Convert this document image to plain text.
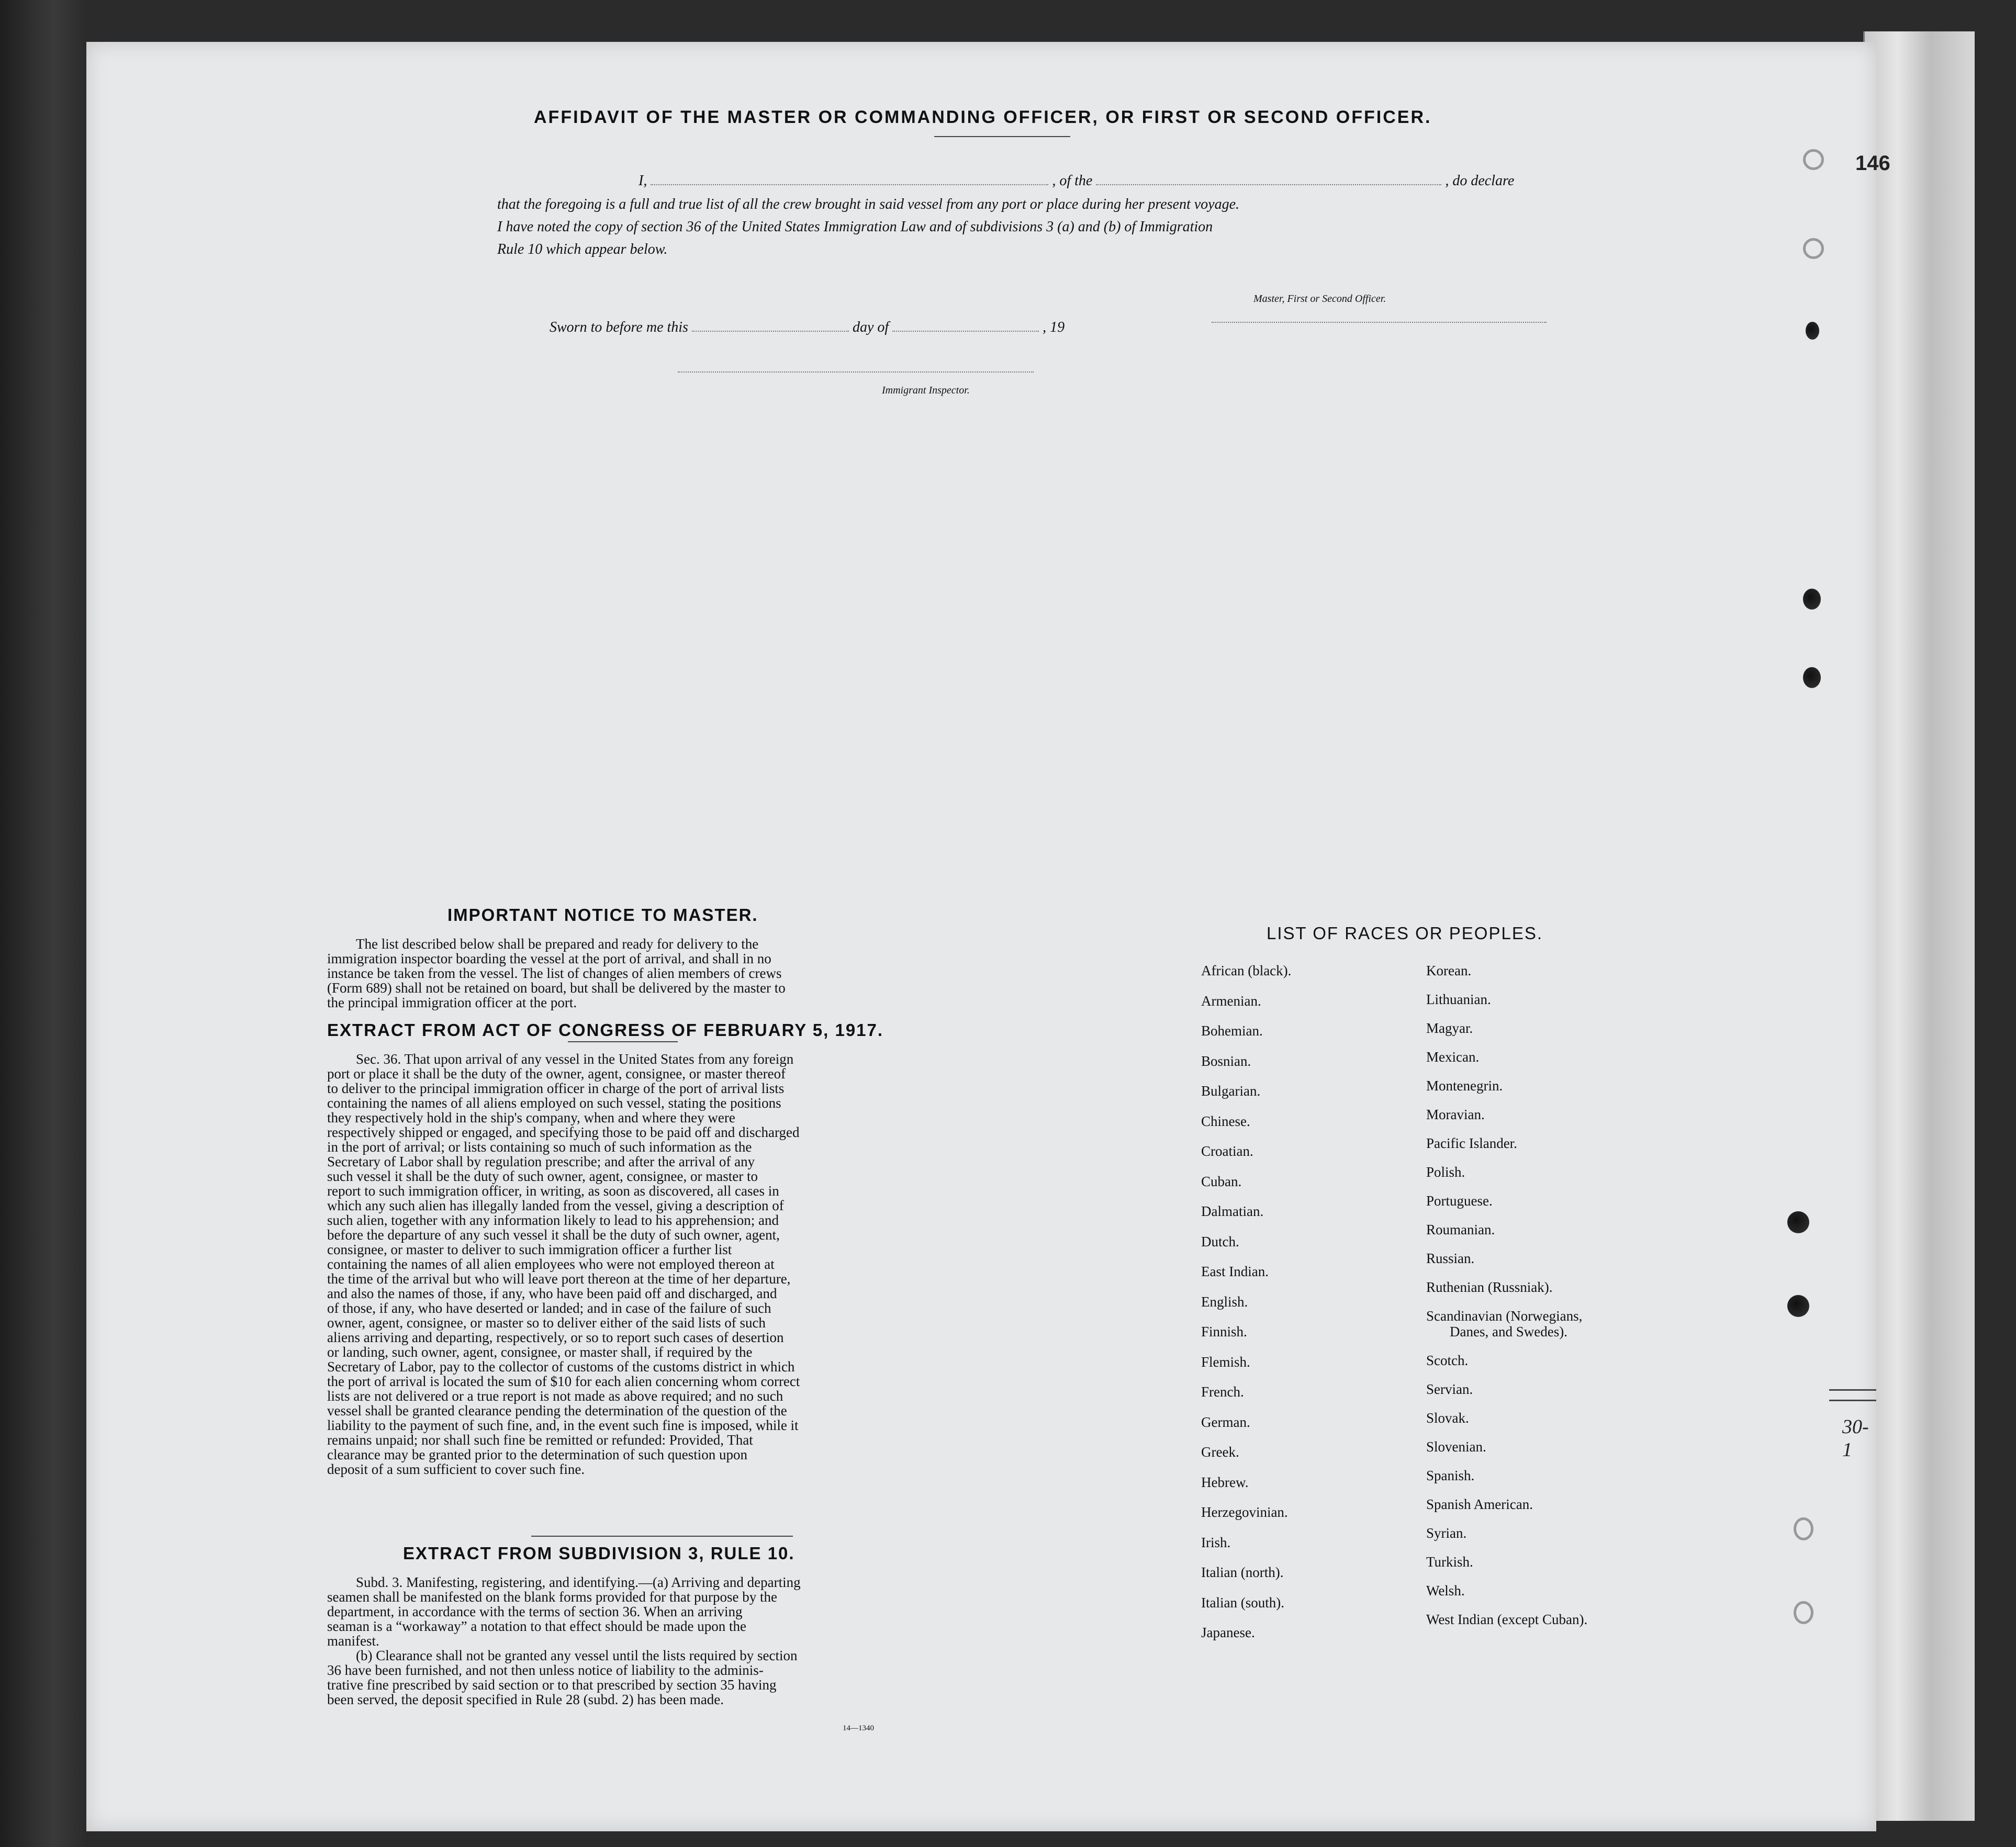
AFFIDAVIT OF THE MASTER OR COMMANDING OFFICER, OR FIRST OR SECOND OFFICER.
I,	, of the	, do declare
that the foregoing is a full and true list of all the crew brought in said vessel from any port or place during her present voyage.
I have noted the copy of section 36 of the United States Immigration Law and of subdivisions 3 (a) and (b) of Immigration
Rule 10 which appear below.
Master, First or Second Officer.
Sworn to before me this	day of	, 19
Immigrant Inspector.
IMPORTANT NOTICE TO MASTER.
The list described below shall be prepared and ready for delivery to the
immigration inspector boarding the vessel at the port of arrival, and shall in no
instance be taken from the vessel. The list of changes of alien members of crews
(Form 689) shall not be retained on board, but shall be delivered by the master to
the principal immigration officer at the port.
EXTRACT FROM ACT OF CONGRESS OF FEBRUARY 5, 1917.
Sec. 36. That upon arrival of any vessel in the United States from any foreign
port or place it shall be the duty of the owner, agent, consignee, or master thereof
to deliver to the principal immigration officer in charge of the port of arrival lists
containing the names of all aliens employed on such vessel, stating the positions
they respectively hold in the ship's company, when and where they were
respectively shipped or engaged, and specifying those to be paid off and discharged
in the port of arrival; or lists containing so much of such information as the
Secretary of Labor shall by regulation prescribe; and after the arrival of any
such vessel it shall be the duty of such owner, agent, consignee, or master to
report to such immigration officer, in writing, as soon as discovered, all cases in
which any such alien has illegally landed from the vessel, giving a description of
such alien, together with any information likely to lead to his apprehension; and
before the departure of any such vessel it shall be the duty of such owner, agent,
consignee, or master to deliver to such immigration officer a further list
containing the names of all alien employees who were not employed thereon at
the time of the arrival but who will leave port thereon at the time of her departure,
and also the names of those, if any, who have been paid off and discharged, and
of those, if any, who have deserted or landed; and in case of the failure of such
owner, agent, consignee, or master so to deliver either of the said lists of such
aliens arriving and departing, respectively, or so to report such cases of desertion
or landing, such owner, agent, consignee, or master shall, if required by the
Secretary of Labor, pay to the collector of customs of the customs district in which
the port of arrival is located the sum of $10 for each alien concerning whom correct
lists are not delivered or a true report is not made as above required; and no such
vessel shall be granted clearance pending the determination of the question of the
liability to the payment of such fine, and, in the event such fine is imposed, while it
remains unpaid; nor shall such fine be remitted or refunded: Provided, That
clearance may be granted prior to the determination of such question upon
deposit of a sum sufficient to cover such fine.
EXTRACT FROM SUBDIVISION 3, RULE 10.
Subd. 3. Manifesting, registering, and identifying.—(a) Arriving and departing
seamen shall be manifested on the blank forms provided for that purpose by the
department, in accordance with the terms of section 36. When an arriving
seaman is a “workaway” a notation to that effect should be made upon the
manifest.
(b) Clearance shall not be granted any vessel until the lists required by section
36 have been furnished, and not then unless notice of liability to the adminis-
trative fine prescribed by said section or to that prescribed by section 35 having
been served, the deposit specified in Rule 28 (subd. 2) has been made.
14—1340
LIST OF RACES OR PEOPLES.
African (black).
Armenian.
Bohemian.
Bosnian.
Bulgarian.
Chinese.
Croatian.
Cuban.
Dalmatian.
Dutch.
East Indian.
English.
Finnish.
Flemish.
French.
German.
Greek.
Hebrew.
Herzegovinian.
Irish.
Italian (north).
Italian (south).
Japanese.
Korean.
Lithuanian.
Magyar.
Mexican.
Montenegrin.
Moravian.
Pacific Islander.
Polish.
Portuguese.
Roumanian.
Russian.
Ruthenian (Russniak).
Scandinavian (Norwegians,
Danes, and Swedes).
Scotch.
Servian.
Slovak.
Slovenian.
Spanish.
Spanish American.
Syrian.
Turkish.
Welsh.
West Indian (except Cuban).
146
30-1
